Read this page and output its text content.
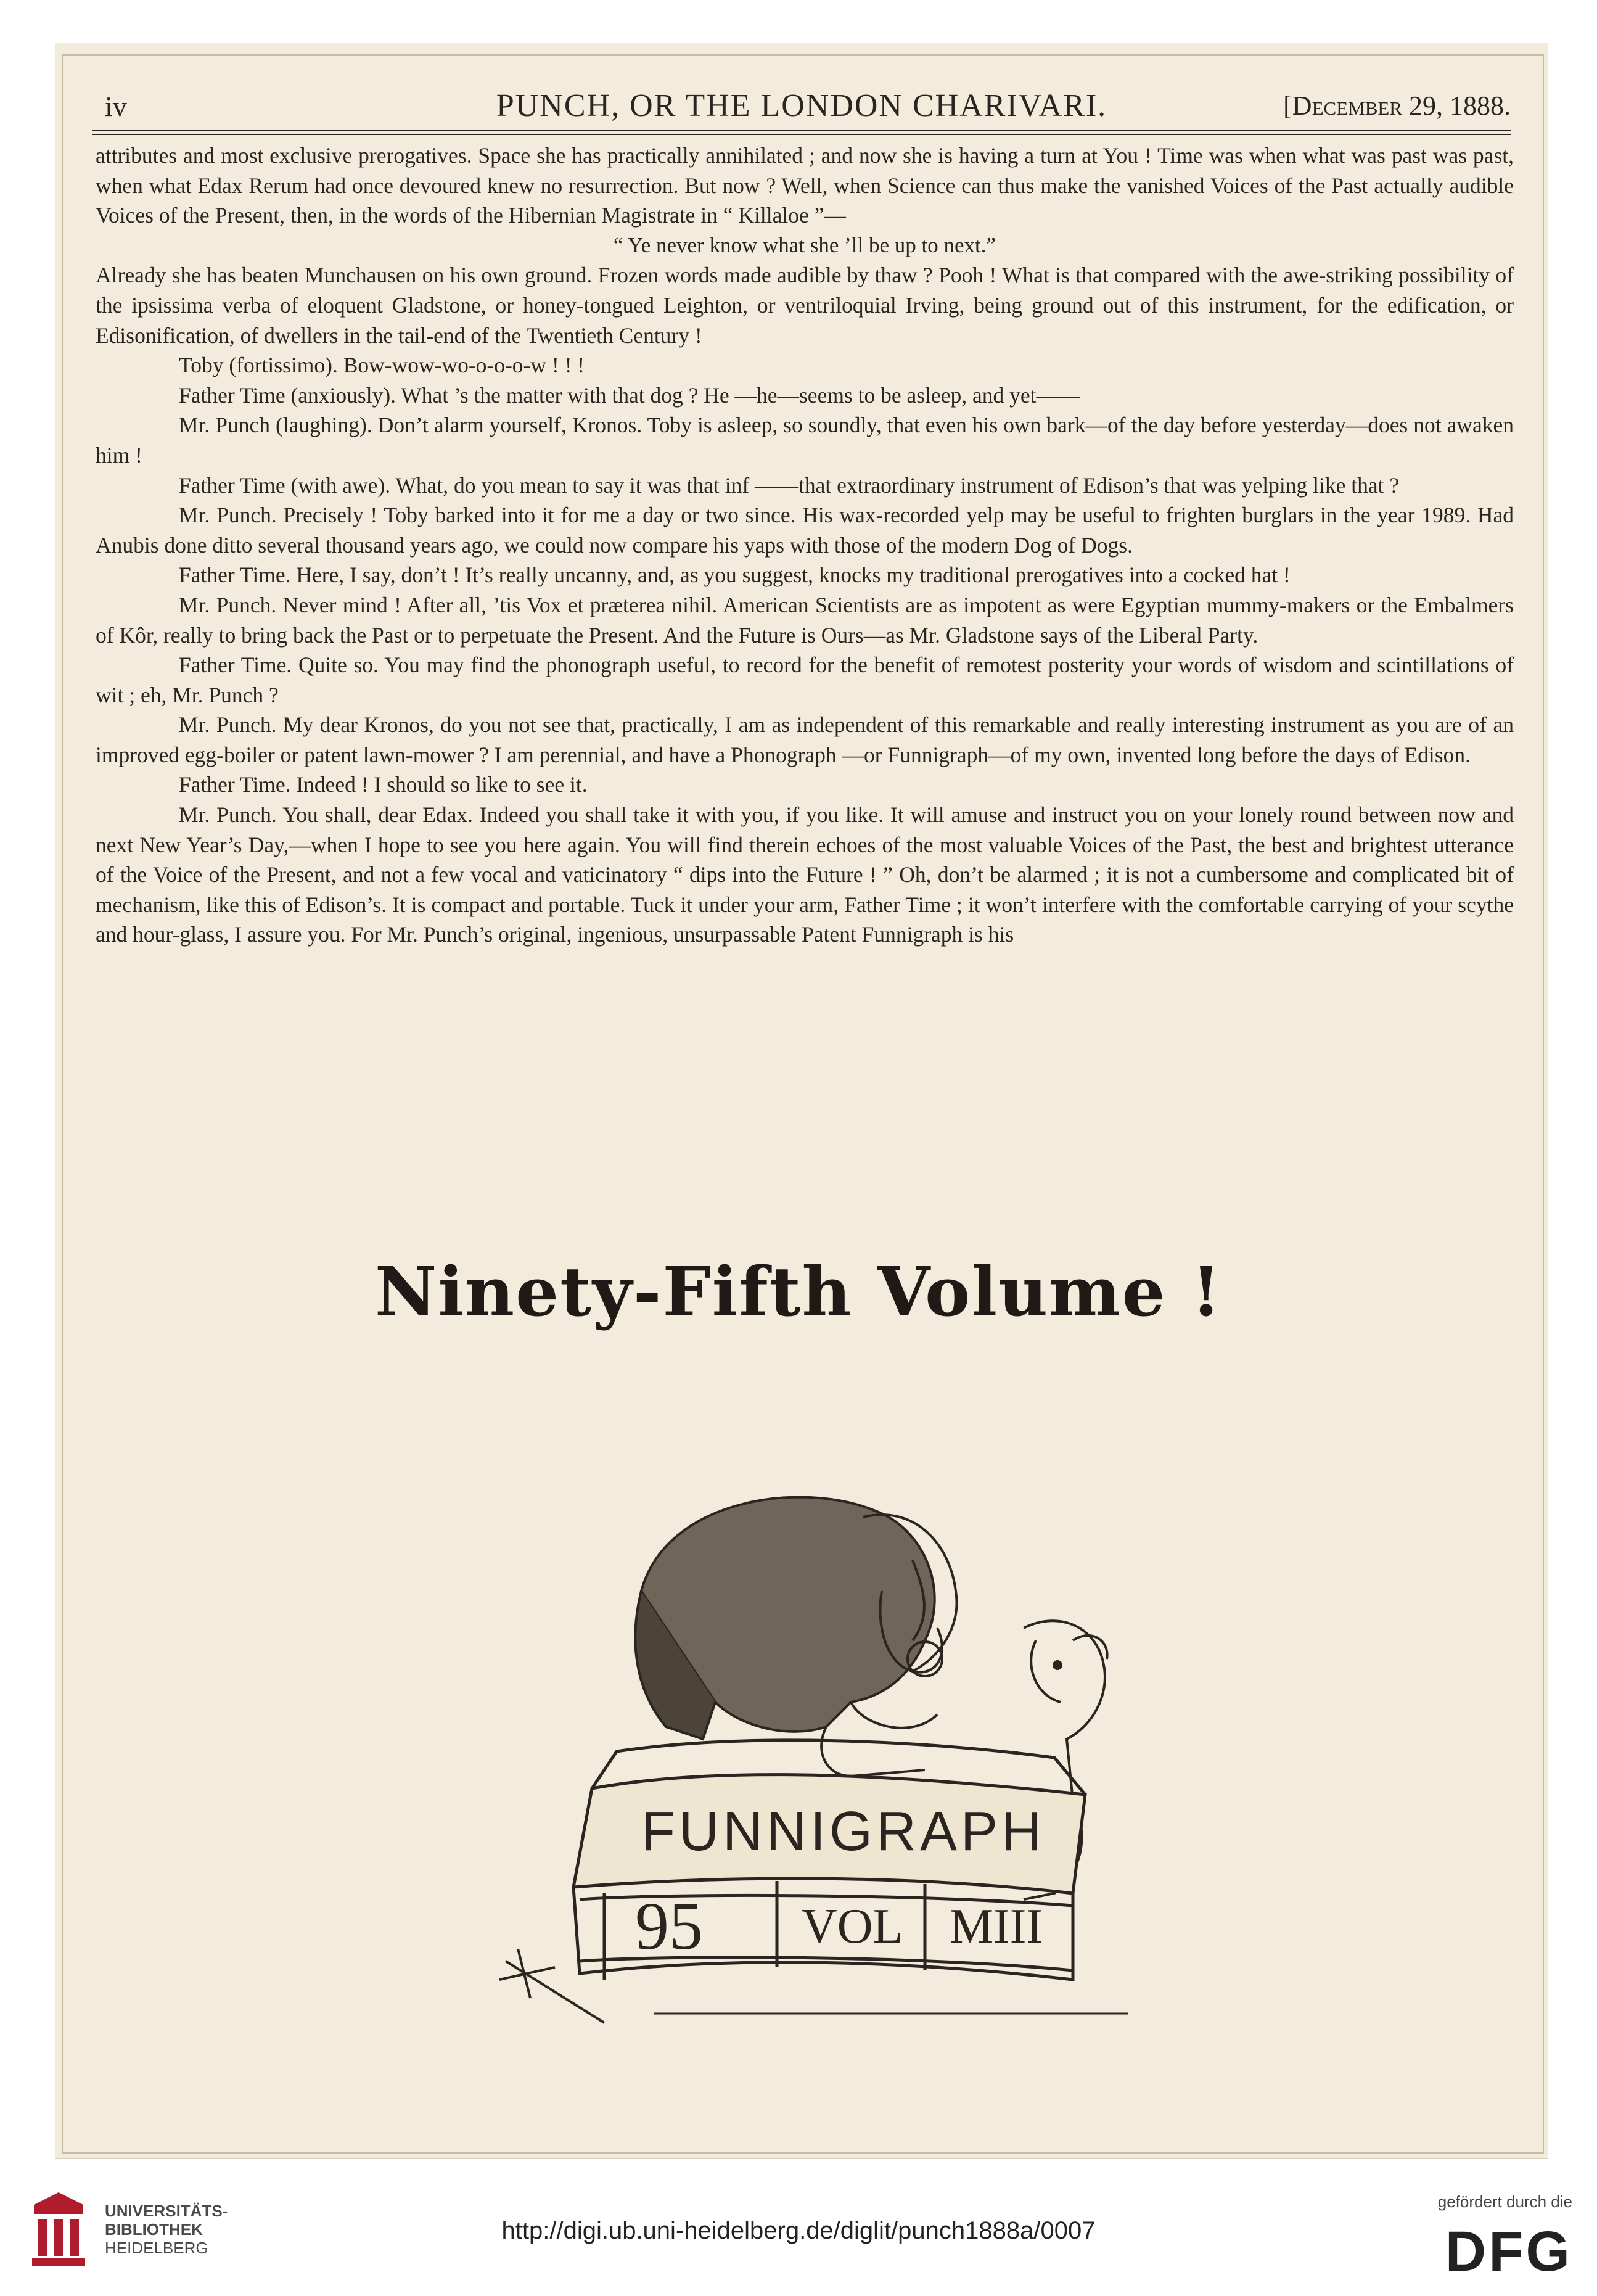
iv	PUNCH, OR THE LONDON CHARIVARI.	[December 29, 1888.

attributes and most exclusive prerogatives. Space she has practically annihilated ; and now she is having a turn at You ! Time was when what was past was past, when what Edax Rerum had once devoured knew no resurrection. But now ? Well, when Science can thus make the vanished Voices of the Past actually audible Voices of the Present, then, in the words of the Hibernian Magistrate in “ Killaloe ”—

“ Ye never know what she ’ll be up to next.”

Already she has beaten Munchausen on his own ground. Frozen words made audible by thaw ? Pooh ! What is that compared with the awe-striking possibility of the ipsissima verba of eloquent Gladstone, or honey-tongued Leighton, or ventriloquial Irving, being ground out of this instrument, for the edification, or Edisonification, of dwellers in the tail-end of the Twentieth Century !

Toby (fortissimo). Bow-wow-wo-o-o-o-w ! ! !

Father Time (anxiously). What ’s the matter with that dog ? He —he—seems to be asleep, and yet——

Mr. Punch (laughing). Don’t alarm yourself, Kronos. Toby is asleep, so soundly, that even his own bark—of the day before yesterday—does not awaken him !

Father Time (with awe). What, do you mean to say it was that inf ——that extraordinary instrument of Edison’s that was yelping like that ?

Mr. Punch. Precisely ! Toby barked into it for me a day or two since. His wax-recorded yelp may be useful to frighten burglars in the year 1989. Had Anubis done ditto several thousand years ago, we could now compare his yaps with those of the modern Dog of Dogs.

Father Time. Here, I say, don’t ! It’s really uncanny, and, as you suggest, knocks my traditional prerogatives into a cocked hat !

Mr. Punch. Never mind ! After all, ’tis Vox et præterea nihil. American Scientists are as impotent as were Egyptian mummy-makers or the Embalmers of Kôr, really to bring back the Past or to perpetuate the Present. And the Future is Ours—as Mr. Gladstone says of the Liberal Party.

Father Time. Quite so. You may find the phonograph useful, to record for the benefit of remotest posterity your words of wisdom and scintillations of wit ; eh, Mr. Punch ?

Mr. Punch. My dear Kronos, do you not see that, practically, I am as independent of this remarkable and really interesting instrument as you are of an improved egg-boiler or patent lawn-mower ? I am perennial, and have a Phonograph —or Funnigraph—of my own, invented long before the days of Edison.

Father Time. Indeed ! I should so like to see it.

Mr. Punch. You shall, dear Edax. Indeed you shall take it with you, if you like. It will amuse and instruct you on your lonely round between now and next New Year’s Day,—when I hope to see you here again. You will find therein echoes of the most valuable Voices of the Past, the best and brightest utterance of the Voice of the Present, and not a few vocal and vaticinatory “ dips into the Future ! ” Oh, don’t be alarmed ; it is not a cumbersome and complicated bit of mechanism, like this of Edison’s. It is compact and portable. Tuck it under your arm, Father Time ; it won’t interfere with the comfortable carrying of your scythe and hour-glass, I assure you. For Mr. Punch’s original, ingenious, unsurpassable Patent Funnigraph is his

Ninety-Fifth Volume !
FUNNIGRAPH
95 VOL MIII
UNIVERSITÄTS-
BIBLIOTHEK
HEIDELBERG
http://digi.ub.uni-heidelberg.de/diglit/punch1888a/0007
gefördert durch die
DFG
